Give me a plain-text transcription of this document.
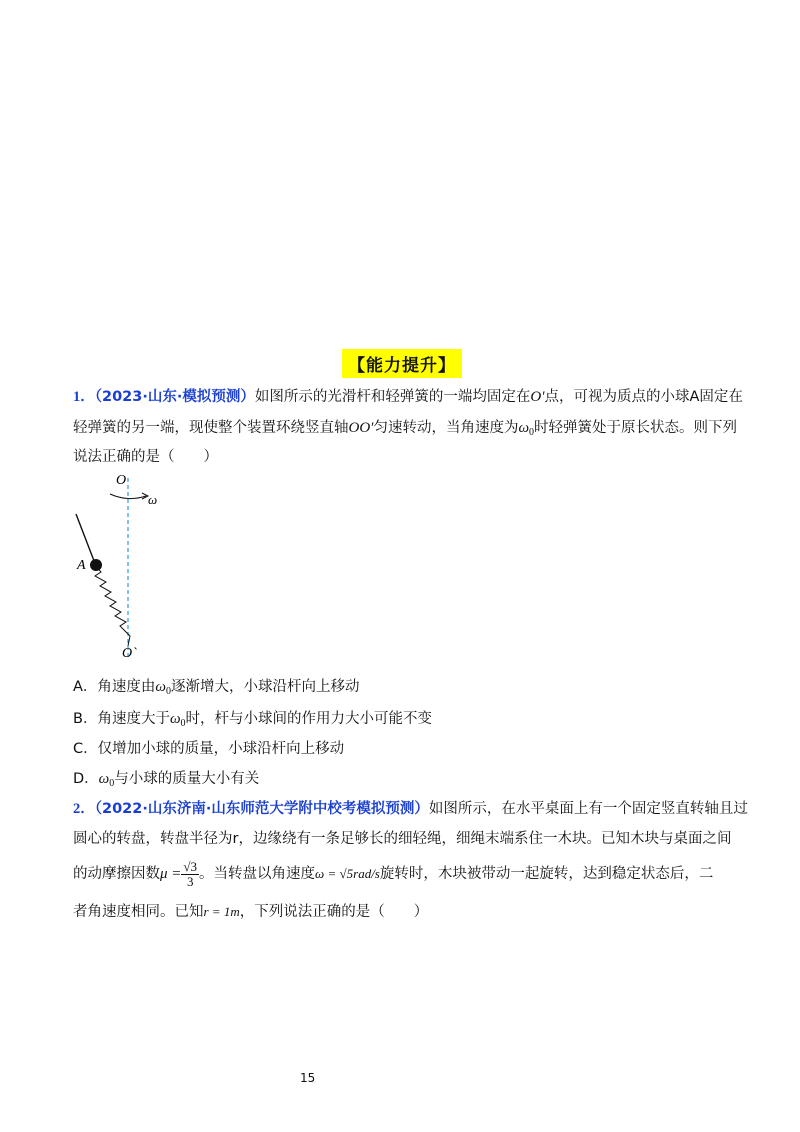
【能力提升】
1．（2023·山东·模拟预测）如图所示的光滑杆和轻弹簧的一端均固定在O′点，可视为质点的小球A固定在
轻弹簧的另一端，现使整个装置环绕竖直轴OO′匀速转动，当角速度为$\omega_0$时轻弹簧处于原长状态。则下列
说法正确的是（　　）
O
ω
A
O`
A．角速度由$\omega_0$逐渐增大，小球沿杆向上移动
B．角速度大于$\omega_0$时，杆与小球间的作用力大小可能不变
C．仅增加小球的质量，小球沿杆向上移动
D．$\omega_0$与小球的质量大小有关
2．（2022·山东济南·山东师范大学附中校考模拟预测）如图所示，在水平桌面上有一个固定竖直转轴且过
圆心的转盘，转盘半径为r，边缘绕有一条足够长的细轻绳，细绳末端系住一木块。已知木块与桌面之间
的动摩擦因数$\mu = \frac{√3}{3}$ 。当转盘以角速度ω = √5rad/s旋转时，木块被带动一起旋转，达到稳定状态后，二
者角速度相同。已知r = 1m，下列说法正确的是（　　）
15
